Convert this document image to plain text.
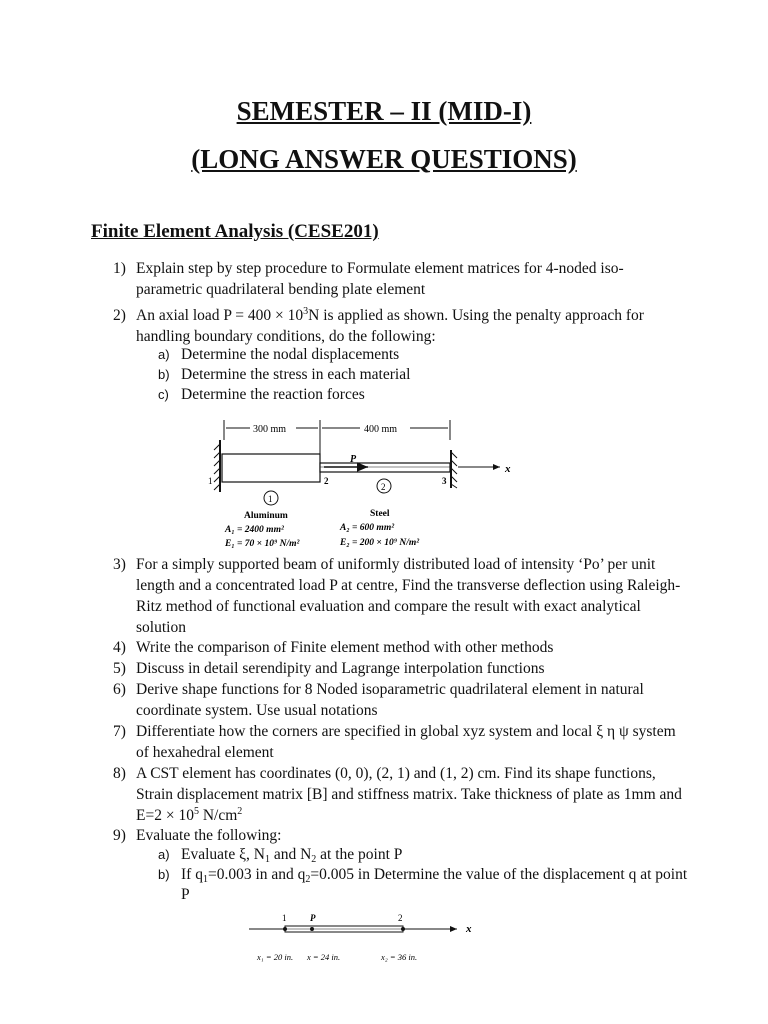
SEMESTER – II (MID-I)
(LONG ANSWER QUESTIONS)
Finite Element Analysis (CESE201)
1) Explain step by step procedure to Formulate element matrices for 4-noded iso-parametric quadrilateral bending plate element
2) An axial load $P = 400 \times 10^3N$ is applied as shown. Using the penalty approach for handling boundary conditions, do the following:
a) Determine the nodal displacements
b) Determine the stress in each material
c) Determine the reaction forces
300 mm	400 mm
P
x
1	2	3
1
2
Aluminum
A₁ = 2400 mm²
E₁ = 70 × 10⁹ N/m²
Steel
A₂ = 600 mm²
E₂ = 200 × 10⁹ N/m²
3) For a simply supported beam of uniformly distributed load of intensity ‘Po’ per unit length and a concentrated load P at centre, Find the transverse deflection using Raleigh- Ritz method of functional evaluation and compare the result with exact analytical solution
4) Write the comparison of Finite element method with other methods
5) Discuss in detail serendipity and Lagrange interpolation functions
6) Derive shape functions for 8 Noded isoparametric quadrilateral element in natural coordinate system. Use usual notations
7) Differentiate how the corners are specified in global xyz system and local ξ η ψ system of hexahedral element
8) A CST element has coordinates (0, 0), (2, 1) and (1, 2) cm. Find its shape functions, Strain displacement matrix [B] and stiffness matrix. Take thickness of plate as 1mm and $E=2 \times 10^5$ $N/cm^2$
9) Evaluate the following:
a) Evaluate ξ, $N_1$ and $N_2$ at the point P
b) If $q_1=0.003$ in and $q_2=0.005$ in Determine the value of the displacement q at point P
1	P	2
x
x₁ = 20 in. x = 24 in.	x₂ = 36 in.
